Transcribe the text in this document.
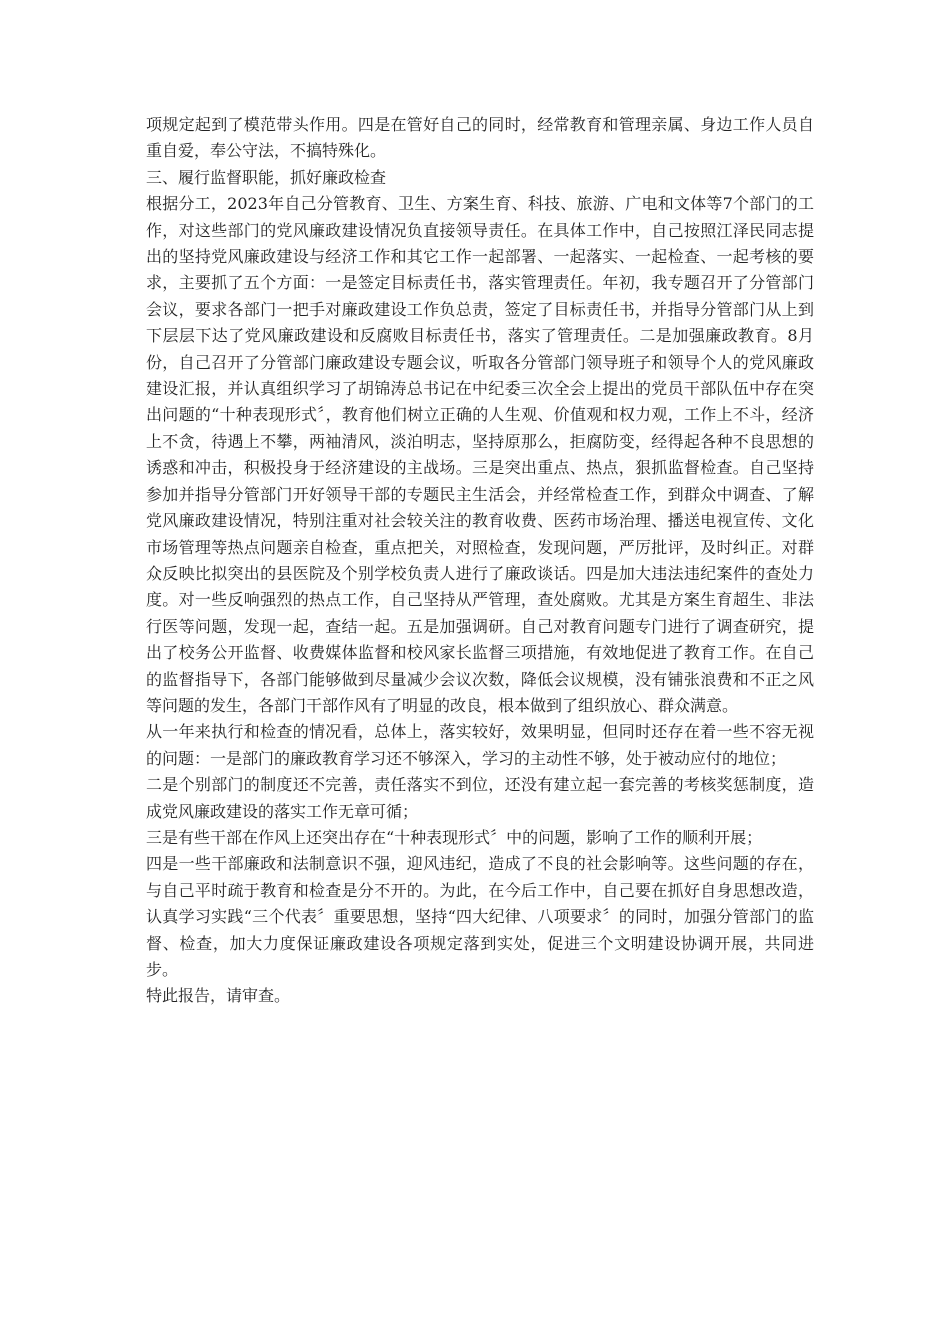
项规定起到了模范带头作用。四是在管好自己的同时，经常教育和管理亲属、身边工作人员自重自爱，奉公守法，不搞特殊化。

三、履行监督职能，抓好廉政检查

根据分工，2023年自己分管教育、卫生、方案生育、科技、旅游、广电和文体等7个部门的工作，对这些部门的党风廉政建设情况负直接领导责任。在具体工作中，自己按照江泽民同志提出的坚持党风廉政建设与经济工作和其它工作一起部署、一起落实、一起检查、一起考核的要求，主要抓了五个方面：一是签定目标责任书，落实管理责任。年初，我专题召开了分管部门会议，要求各部门一把手对廉政建设工作负总责，签定了目标责任书，并指导分管部门从上到下层层下达了党风廉政建设和反腐败目标责任书，落实了管理责任。二是加强廉政教育。8月份，自己召开了分管部门廉政建设专题会议，听取各分管部门领导班子和领导个人的党风廉政建设汇报，并认真组织学习了胡锦涛总书记在中纪委三次全会上提出的党员干部队伍中存在突出问题的“十种表现形式〞，教育他们树立正确的人生观、价值观和权力观，工作上不斗，经济上不贪，待遇上不攀，两袖清风，淡泊明志，坚持原那么，拒腐防变，经得起各种不良思想的诱惑和冲击，积极投身于经济建设的主战场。三是突出重点、热点，狠抓监督检查。自己坚持参加并指导分管部门开好领导干部的专题民主生活会，并经常检查工作，到群众中调查、了解党风廉政建设情况，特别注重对社会较关注的教育收费、医药市场治理、播送电视宣传、文化市场管理等热点问题亲自检查，重点把关，对照检查，发现问题，严厉批评，及时纠正。对群众反映比拟突出的县医院及个别学校负责人进行了廉政谈话。四是加大违法违纪案件的查处力度。对一些反响强烈的热点工作，自己坚持从严管理，查处腐败。尤其是方案生育超生、非法行医等问题，发现一起，查结一起。五是加强调研。自己对教育问题专门进行了调查研究，提出了校务公开监督、收费媒体监督和校风家长监督三项措施，有效地促进了教育工作。在自己的监督指导下，各部门能够做到尽量减少会议次数，降低会议规模，没有铺张浪费和不正之风等问题的发生，各部门干部作风有了明显的改良，根本做到了组织放心、群众满意。

从一年来执行和检查的情况看，总体上，落实较好，效果明显，但同时还存在着一些不容无视的问题：一是部门的廉政教育学习还不够深入，学习的主动性不够，处于被动应付的地位；

二是个别部门的制度还不完善，责任落实不到位，还没有建立起一套完善的考核奖惩制度，造成党风廉政建设的落实工作无章可循；

三是有些干部在作风上还突出存在“十种表现形式〞中的问题，影响了工作的顺利开展；

四是一些干部廉政和法制意识不强，迎风违纪，造成了不良的社会影响等。这些问题的存在，与自己平时疏于教育和检查是分不开的。为此，在今后工作中，自己要在抓好自身思想改造，认真学习实践“三个代表〞重要思想，坚持“四大纪律、八项要求〞的同时，加强分管部门的监督、检查，加大力度保证廉政建设各项规定落到实处，促进三个文明建设协调开展，共同进步。

特此报告，请审查。
